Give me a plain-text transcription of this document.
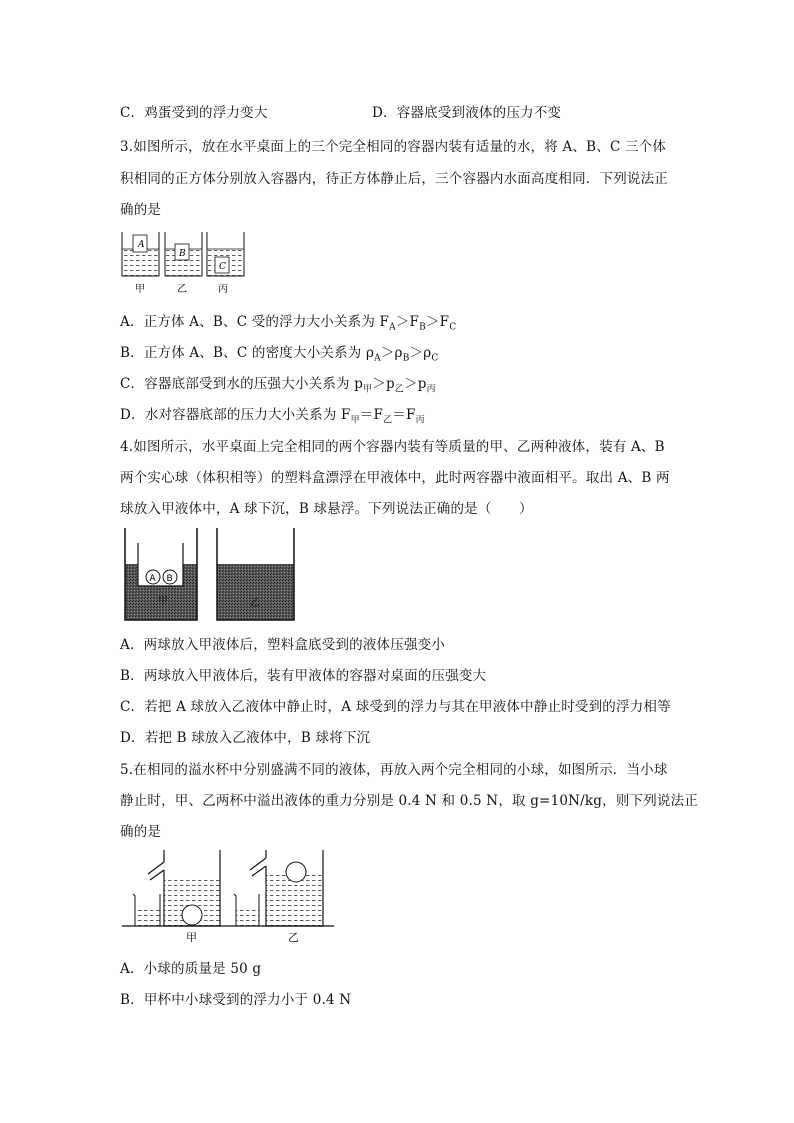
C．鸡蛋受到的浮力变大	D．容器底受到液体的压力不变
3.如图所示，放在水平桌面上的三个完全相同的容器内装有适量的水，将 A、B、C 三个体
积相同的正方体分别放入容器内，待正方体静止后，三个容器内水面高度相同．下列说法正
确的是
A
B
C
甲	乙	丙
A．正方体 A、B、C 受的浮力大小关系为 $F_A>F_B>F_C$
B．正方体 A、B、C 的密度大小关系为 $\rho_A>\rho_B>\rho_C$
C．容器底部受到水的压强大小关系为 $p_甲>p_乙>p_丙$
D．水对容器底部的压力大小关系为 $F_甲=F_乙=F_丙$
4.如图所示，水平桌面上完全相同的两个容器内装有等质量的甲、乙两种液体，装有 A、B
两个实心球（体积相等）的塑料盒漂浮在甲液体中，此时两容器中液面相平。取出 A、B 两
球放入甲液体中，A 球下沉，B 球悬浮。下列说法正确的是（　　）
A B
甲	乙
A．两球放入甲液体后，塑料盒底受到的液体压强变小
B．两球放入甲液体后，装有甲液体的容器对桌面的压强变大
C．若把 A 球放入乙液体中静止时，A 球受到的浮力与其在甲液体中静止时受到的浮力相等
D．若把 B 球放入乙液体中，B 球将下沉
5.在相同的溢水杯中分别盛满不同的液体，再放入两个完全相同的小球，如图所示．当小球
静止时，甲、乙两杯中溢出液体的重力分别是 0.4 N 和 0.5 N，取 g=10N/kg，则下列说法正
确的是
甲	乙
A．小球的质量是 50 g
B．甲杯中小球受到的浮力小于 0.4 N
